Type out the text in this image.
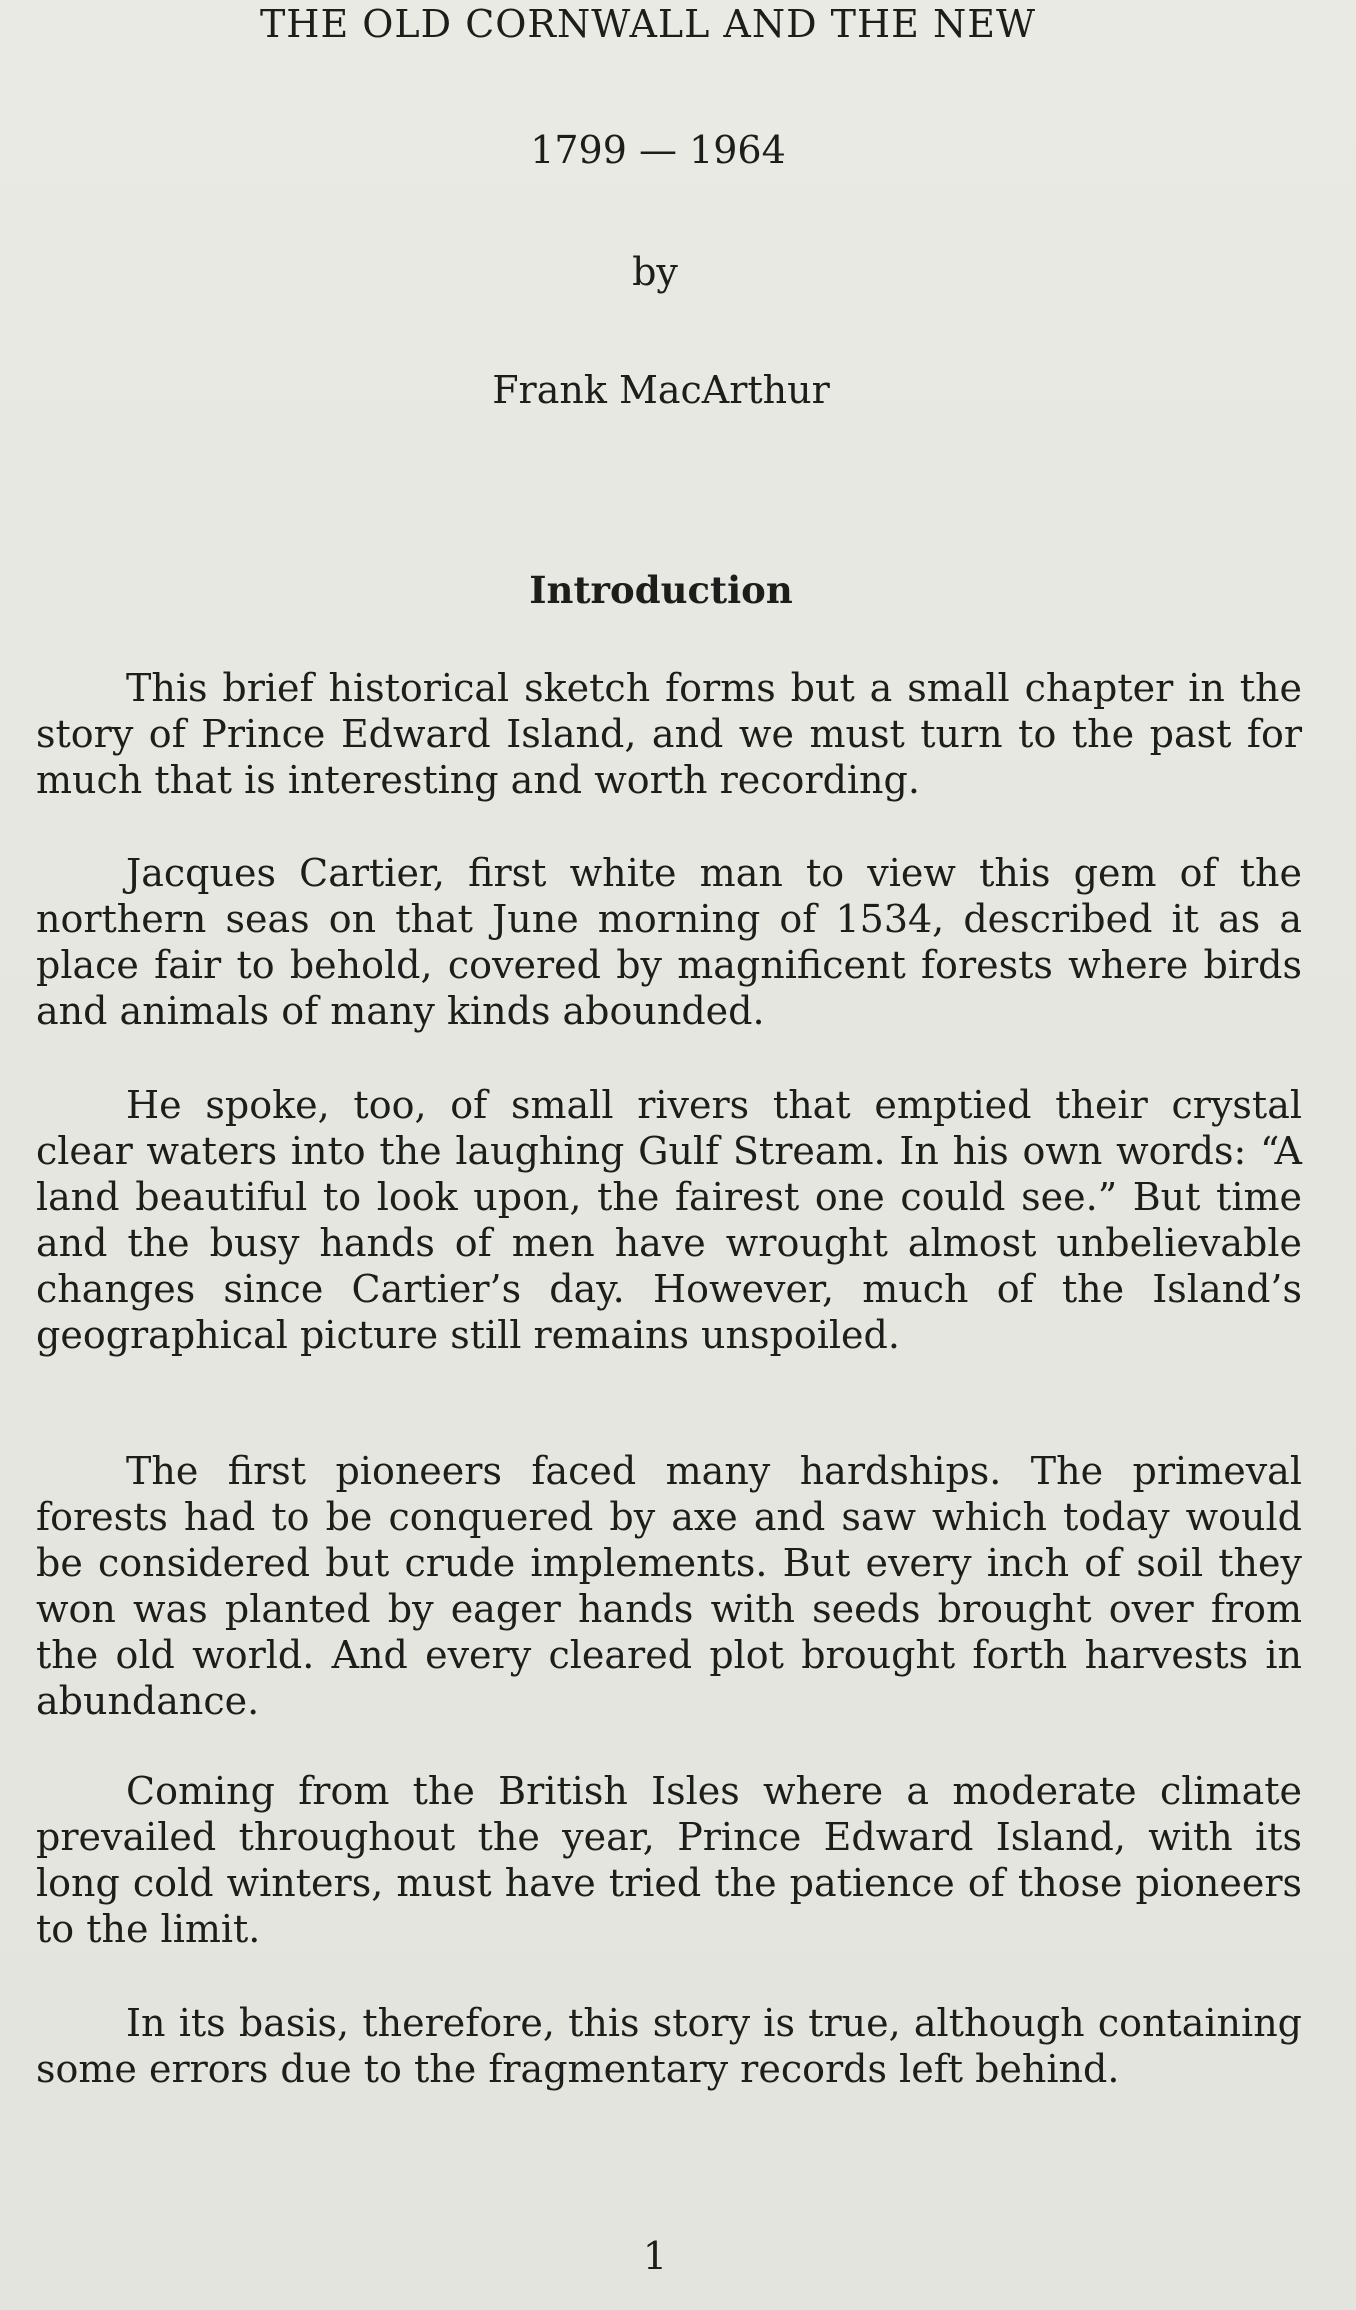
THE OLD CORNWALL AND THE NEW
1799 — 1964
by
Frank MacArthur
Introduction

This brief historical sketch forms but a small chapter in the story of Prince Edward Island, and we must turn to the past for much that is interesting and worth recording.

Jacques Cartier, first white man to view this gem of the northern seas on that June morning of 1534, described it as a place fair to behold, covered by magnificent forests where birds and animals of many kinds abounded.

He spoke, too, of small rivers that emptied their crystal clear waters into the laughing Gulf Stream. In his own words: “A land beautiful to look upon, the fairest one could see.” But time and the busy hands of men have wrought almost unbelievable changes since Cartier’s day. However, much of the Island’s geographical picture still remains unspoiled.

The first pioneers faced many hardships. The primeval forests had to be conquered by axe and saw which today would be considered but crude implements. But every inch of soil they won was planted by eager hands with seeds brought over from the old world. And every cleared plot brought forth harvests in abundance.

Coming from the British Isles where a moderate climate prevailed throughout the year, Prince Edward Island, with its long cold winters, must have tried the patience of those pioneers to the limit.

In its basis, therefore, this story is true, although containing some errors due to the fragmentary records left behind.

1
